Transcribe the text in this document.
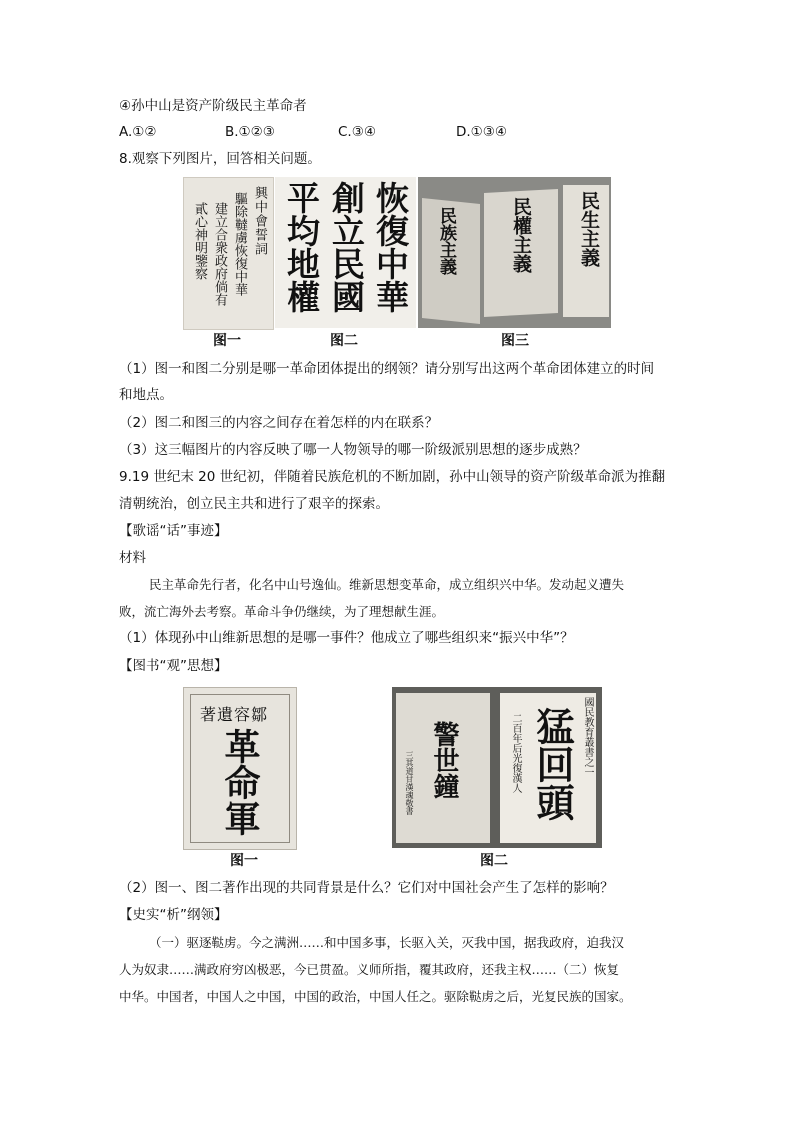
④孙中山是资产阶级民主革命者
A.①②	B.①②③	C.③④	D.①③④
8.观察下列图片，回答相关问题。
興中會誓詞
驅除韃虜恢復中華
建立合衆政府倘有
貳心神明鑒察	恢復中華
創立民國
平均地權	民族主義	民權主義 民生主義
图一	图二	图三
（1）图一和图二分别是哪一革命团体提出的纲领？请分别写出这两个革命团体建立的时间
和地点。
（2）图二和图三的内容之间存在着怎样的内在联系？
（3）这三幅图片的内容反映了哪一人物领导的哪一阶级派别思想的逐步成熟？
9.19 世纪末 20 世纪初，伴随着民族危机的不断加剧，孙中山领导的资产阶级革命派为推翻
清朝统治，创立民主共和进行了艰辛的探索。
【歌谣“话”事迹】
材料
民主革命先行者，化名中山号逸仙。维新思想变革命，成立组织兴中华。发动起义遭失
败，流亡海外去考察。革命斗争仍继续，为了理想献生涯。
（1）体现孙中山维新思想的是哪一事件？他成立了哪些组织来“振兴中华”？
【图书“观”思想】
鄒容遺著
革命軍	警世鐘
三其道甘漢魂敬書
國民教育叢書之一
猛回頭
二百年后光復漢人
图一	图二
（2）图一、图二著作出现的共同背景是什么？它们对中国社会产生了怎样的影响？
【史实“析”纲领】
（一）驱逐鞑虏。今之满洲……和中国多事，长驱入关，灭我中国，据我政府，迫我汉
人为奴隶……满政府穷凶极恶，今已贯盈。义师所指，覆其政府，还我主权……（二）恢复
中华。中国者，中国人之中国，中国的政治，中国人任之。驱除鞑虏之后，光复民族的国家。
